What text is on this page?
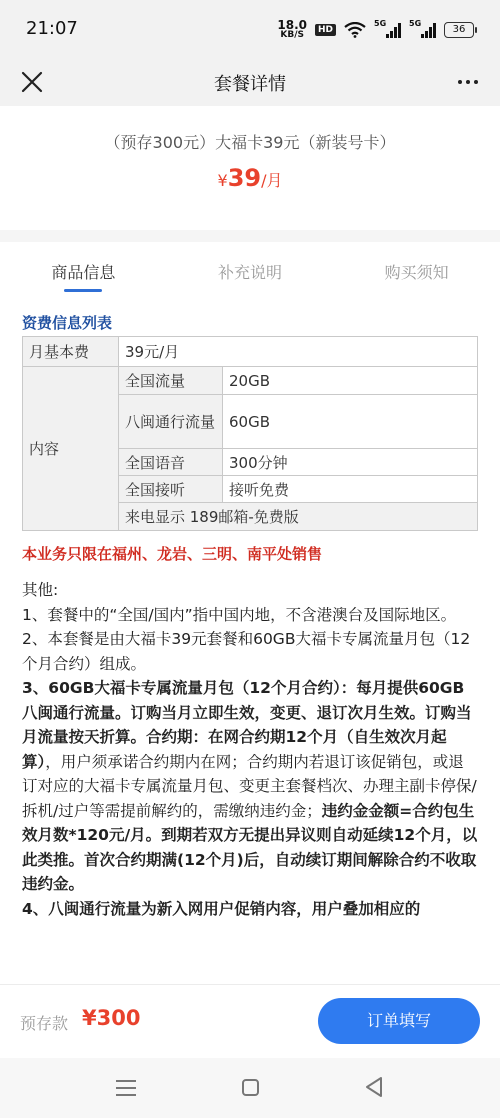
21:07	18.0
KB/S	HD
5G	5G
36
套餐详情
（预存300元）大福卡39元（新装号卡）
¥39/月
商品信息	补充说明	购买须知
资费信息列表
月基本费	39元/月	
内容	全国流量	20GB
	八闽通行流量	60GB
	全国语音	300分钟
	全国接听	接听免费
	来电显示 189邮箱-免费版	
本业务只限在福州、龙岩、三明、南平处销售

其他:

1、套餐中的“全国/国内”指中国内地，不含港澳台及国际地区。

2、本套餐是由大福卡39元套餐和60GB大福卡专属流量月包（12个月合约）组成。

3、60GB大福卡专属流量月包（12个月合约）：每月提供60GB八闽通行流量。订购当月立即生效，变更、退订次月生效。订购当月流量按天折算。合约期：在网合约期12个月（自生效次月起算），用户须承诺合约期内在网；合约期内若退订该促销包，或退订对应的大福卡专属流量月包、变更主套餐档次、办理主副卡停保/拆机/过户等需提前解约的，需缴纳违约金；违约金金额=合约包生效月数*120元/月。到期若双方无提出异议则自动延续12个月，以此类推。首次合约期满(12个月)后，自动续订期间解除合约不收取违约金。

4、八闽通行流量为新入网用户促销内容，用户叠加相应的

预存款 ¥300	订单填写
